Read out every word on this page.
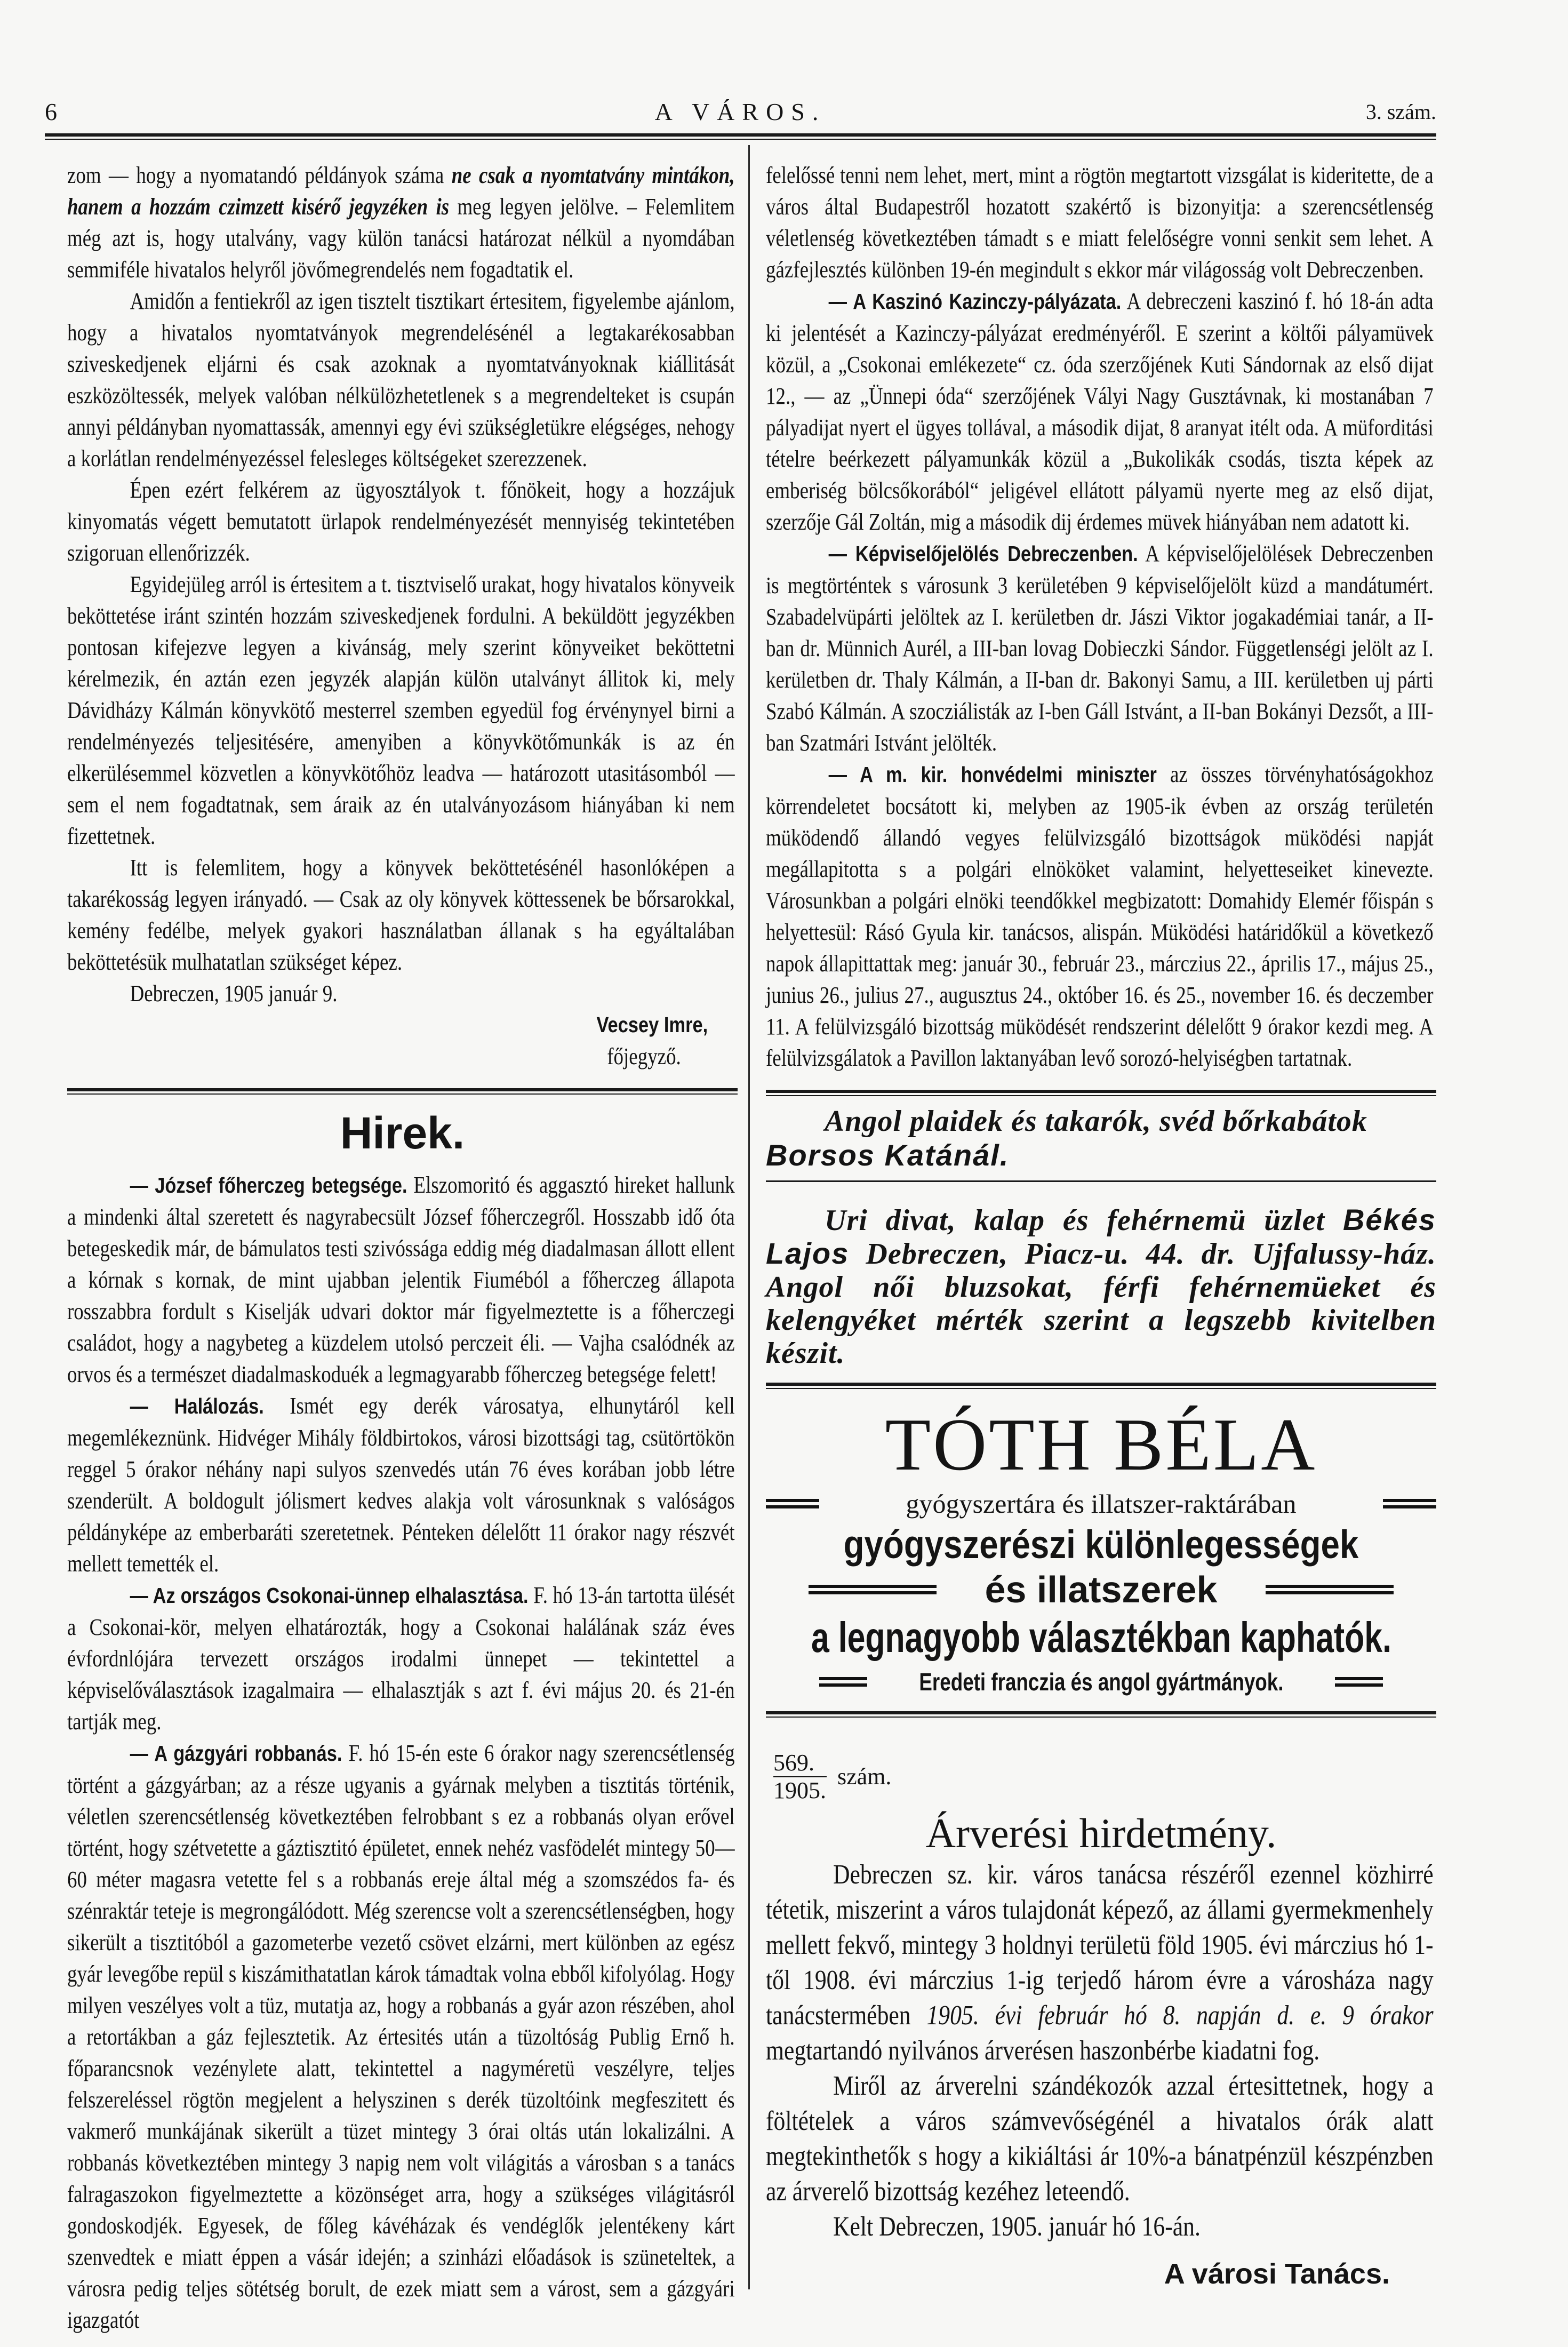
6	A VÁROS.	3. szám.

zom — hogy a nyomatandó példányok száma ne csak a nyomtatvány mintákon, hanem a hozzám czimzett kisérő jegyzéken is meg legyen jelölve. – Felemlitem még azt is, hogy utalvány, vagy külön tanácsi határozat nélkül a nyomdában semmiféle hivatalos helyről jövőmegrendelés nem fogadtatik el.

Amidőn a fentiekről az igen tisztelt tisztikart értesitem, figyelembe ajánlom, hogy a hivatalos nyomtatványok megrendelésénél a legtakarékosabban sziveskedjenek eljárni és csak azoknak a nyomtatványoknak kiállitását eszközöltessék, melyek valóban nélkülözhetetlenek s a megrendelteket is csupán annyi példányban nyomattassák, amennyi egy évi szükségletükre elégséges, nehogy a korlátlan rendelményezéssel felesleges költségeket szerezzenek.

Épen ezért felkérem az ügyosztályok t. főnökeit, hogy a hozzájuk kinyomatás végett bemutatott ürlapok rendelményezését mennyiség tekintetében szigoruan ellenőrizzék.

Egyidejüleg arról is értesitem a t. tisztviselő urakat, hogy hivatalos könyveik beköttetése iránt szintén hozzám sziveskedjenek fordulni. A beküldött jegyzékben pontosan kifejezve legyen a kivánság, mely szerint könyveiket beköttetni kérelmezik, én aztán ezen jegyzék alapján külön utalványt állitok ki, mely Dávidházy Kálmán könyvkötő mesterrel szemben egyedül fog érvénynyel birni a rendelményezés teljesitésére, amenyiben a könyvkötőmunkák is az én elkerülésemmel közvetlen a könyvkötőhöz leadva — határozott utasitásomból — sem el nem fogadtatnak, sem áraik az én utalványozásom hiányában ki nem fizettetnek.

Itt is felemlitem, hogy a könyvek beköttetésénél hasonlóképen a takarékosság legyen irányadó. — Csak az oly könyvek köttessenek be bőrsarokkal, kemény fedélbe, melyek gyakori használatban állanak s ha egyáltalában beköttetésük mulhatatlan szükséget képez.

Debreczen, 1905 január 9.
Vecsey Imre,
főjegyző.
Hirek.

— József főherczeg betegsége. Elszomoritó és aggasztó hireket hallunk a mindenki által szeretett és nagyrabecsült József főherczegről. Hosszabb idő óta betegeskedik már, de bámulatos testi szivóssága eddig még diadalmasan állott ellent a kórnak s kornak, de mint ujabban jelentik Fiuméból a főherczeg állapota rosszabbra fordult s Kiselják udvari doktor már figyelmeztette is a főherczegi családot, hogy a nagybeteg a küzdelem utolsó perczeit éli. — Vajha csalódnék az orvos és a természet diadalmaskoduék a legmagyarabb főherczeg betegsége felett!

— Halálozás. Ismét egy derék városatya, elhunytáról kell megemlékeznünk. Hidvéger Mihály földbirtokos, városi bizottsági tag, csütörtökön reggel 5 órakor néhány napi sulyos szenvedés után 76 éves korában jobb létre szenderült. A boldogult jólismert kedves alakja volt városunknak s valóságos példányképe az emberbaráti szeretetnek. Pénteken délelőtt 11 órakor nagy részvét mellett temették el.

— Az országos Csokonai-ünnep elhalasztása. F. hó 13-án tartotta ülését a Csokonai-kör, melyen elhatározták, hogy a Csokonai halálának száz éves évfordnlójára tervezett országos irodalmi ünnepet — tekintettel a képviselőválasztások izagalmaira — elhalasztják s azt f. évi május 20. és 21-én tartják meg.

— A gázgyári robbanás. F. hó 15-én este 6 órakor nagy szerencsétlenség történt a gázgyárban; az a része ugyanis a gyárnak melyben a tisztitás történik, véletlen szerencsétlenség következtében felrobbant s ez a robbanás olyan erővel történt, hogy szétvetette a gáztisztitó épületet, ennek nehéz vasfödelét mintegy 50—60 méter magasra vetette fel s a robbanás ereje által még a szomszédos fa- és szénraktár teteje is megrongálódott. Még szerencse volt a szerencsétlenségben, hogy sikerült a tisztitóból a gazometerbe vezető csövet elzárni, mert különben az egész gyár levegőbe repül s kiszámithatatlan károk támadtak volna ebből kifolyólag. Hogy milyen veszélyes volt a tüz, mutatja az, hogy a robbanás a gyár azon részében, ahol a retortákban a gáz fejlesztetik. Az értesités után a tüzoltóság Publig Ernő h. főparancsnok vezénylete alatt, tekintettel a nagyméretü veszélyre, teljes felszereléssel rögtön megjelent a helyszinen s derék tüzoltóink megfeszitett és vakmerő munkájának sikerült a tüzet mintegy 3 órai oltás után lokalizálni. A robbanás következtében mintegy 3 napig nem volt világitás a városban s a tanács falragaszokon figyelmeztette a közönséget arra, hogy a szükséges világitásról gondoskodjék. Egyesek, de főleg kávéházak és vendéglők jelentékeny kárt szenvedtek e miatt éppen a vásár idején; a szinházi előadások is szüneteltek, a városra pedig teljes sötétség borult, de ezek miatt sem a várost, sem a gázgyári igazgatót

felelőssé tenni nem lehet, mert, mint a rögtön megtartott vizsgálat is kideritette, de a város által Budapestről hozatott szakértő is bizonyitja: a szerencsétlenség véletlenség következtében támadt s e miatt felelőségre vonni senkit sem lehet. A gázfejlesztés különben 19-én megindult s ekkor már világosság volt Debreczenben.

— A Kaszinó Kazinczy-pályázata. A debreczeni kaszinó f. hó 18-án adta ki jelentését a Kazinczy-pályázat eredményéről. E szerint a költői pályamüvek közül, a „Csokonai emlékezete“ cz. óda szerzőjének Kuti Sándornak az első dijat 12., — az „Ünnepi óda“ szerzőjének Vályi Nagy Gusztávnak, ki mostanában 7 pályadijat nyert el ügyes tollával, a második dijat, 8 aranyat itélt oda. A müforditási tételre beérkezett pályamunkák közül a „Bukolikák csodás, tiszta képek az emberiség bölcsőkorából“ jeligével ellátott pályamü nyerte meg az első dijat, szerzője Gál Zoltán, mig a második dij érdemes müvek hiányában nem adatott ki.

— Képviselőjelölés Debreczenben. A képviselőjelölések Debreczenben is megtörténtek s városunk 3 kerületében 9 képviselőjelölt küzd a mandátumért. Szabadelvüpárti jelöltek az I. kerületben dr. Jászi Viktor jogakadémiai tanár, a II-ban dr. Münnich Aurél, a III-ban lovag Dobieczki Sándor. Függetlenségi jelölt az I. kerületben dr. Thaly Kálmán, a II-ban dr. Bakonyi Samu, a III. kerületben uj párti Szabó Kálmán. A szocziálisták az I-ben Gáll Istvánt, a II-ban Bokányi Dezsőt, a III-ban Szatmári Istvánt jelölték.

— A m. kir. honvédelmi miniszter az összes törvényhatóságokhoz körrendeletet bocsátott ki, melyben az 1905-ik évben az ország területén müködendő állandó vegyes felülvizsgáló bizottságok müködési napját megállapitotta s a polgári elnököket valamint, helyetteseiket kinevezte. Városunkban a polgári elnöki teendőkkel megbizatott: Domahidy Elemér főispán s helyettesül: Rásó Gyula kir. tanácsos, alispán. Müködési határidőkül a következő napok állapittattak meg: január 30., február 23., márczius 22., április 17., május 25., junius 26., julius 27., augusztus 24., október 16. és 25., november 16. és deczember 11. A felülvizsgáló bizottság müködését rendszerint délelőtt 9 órakor kezdi meg. A felülvizsgálatok a Pavillon laktanyában levő sorozó-helyiségben tartatnak.

Angol plaidek és takarók, svéd bőrkabátok
Borsos Katánál.
Uri divat, kalap és fehérnemü üzlet Békés Lajos Debreczen, Piacz-u. 44. dr. Ujfalussy-ház. Angol női bluzsokat, férfi fehérnemüeket és kelengyéket mérték szerint a legszebb kivitelben készit.
TÓTH BÉLA
gyógyszertára és illatszer-raktárában
gyógyszerészi különlegességek
és illatszerek
a legnagyobb választékban kaphatók.
Eredeti franczia és angol gyártmányok.
569.
1905.
szám.
Árverési hirdetmény.

Debreczen sz. kir. város tanácsa részéről ezennel közhirré tétetik, miszerint a város tulajdonát képező, az állami gyermekmenhely mellett fekvő, mintegy 3 holdnyi területü föld 1905. évi márczius hó 1-től 1908. évi márczius 1-ig terjedő három évre a városháza nagy tanácstermében 1905. évi február hó 8. napján d. e. 9 órakor megtartandó nyilvános árverésen haszonbérbe kiadatni fog.

Miről az árverelni szándékozók azzal értesittetnek, hogy a föltételek a város számvevőségénél a hivatalos órák alatt megtekinthetők s hogy a kikiáltási ár 10%-a bánatpénzül készpénzben az árverelő bizottság kezéhez leteendő.

Kelt Debreczen, 1905. január hó 16-án.

A városi Tanács.
